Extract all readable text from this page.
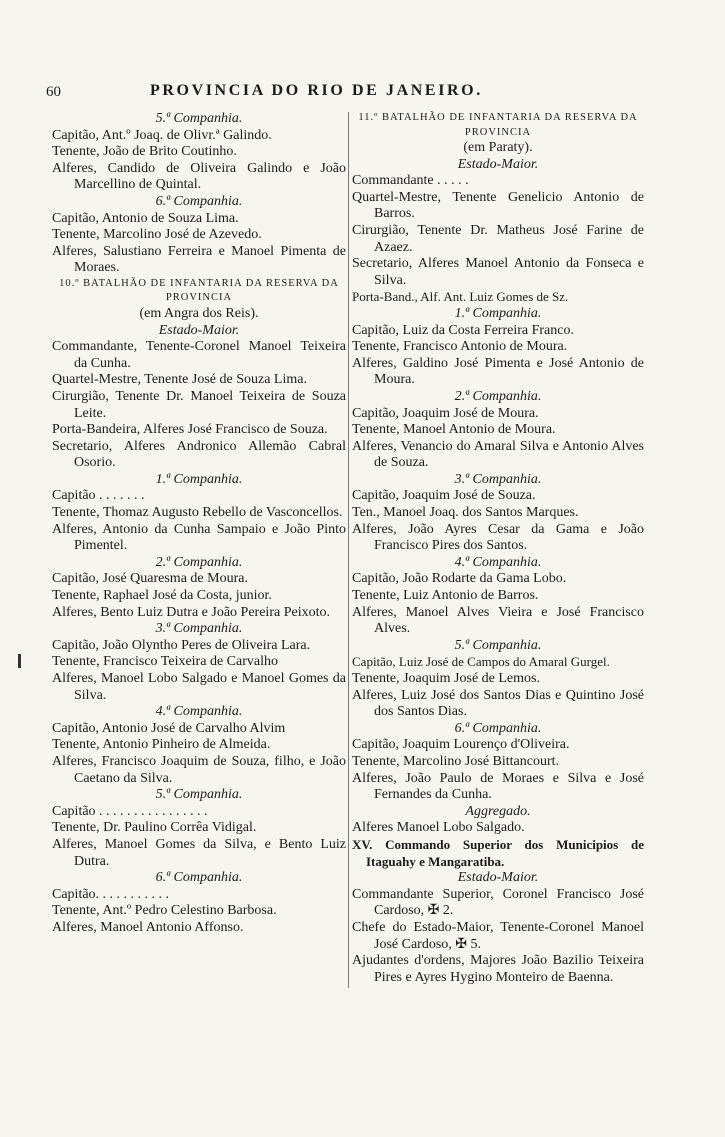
60	PROVINCIA DO RIO DE JANEIRO.
5.ª Companhia.
Capitão, Ant.º Joaq. de Olivr.ª Galindo.
Tenente, João de Brito Coutinho.
Alferes, Candido de Oliveira Galindo e João Marcellino de Quintal.
6.ª Companhia.
Capitão, Antonio de Souza Lima.
Tenente, Marcolino José de Azevedo.
Alferes, Salustiano Ferreira e Manoel Pimenta de Moraes.
10.º BATALHÃO DE INFANTARIA DA RESERVA DA PROVINCIA
(em Angra dos Reis).
Estado-Maior.
Commandante, Tenente-Coronel Manoel Teixeira da Cunha.
Quartel-Mestre, Tenente José de Souza Lima.
Cirurgião, Tenente Dr. Manoel Teixeira de Souza Leite.
Porta-Bandeira, Alferes José Francisco de Souza.
Secretario, Alferes Andronico Allemão Cabral Osorio.
1.ª Companhia.
Capitão . . . . . . .
Tenente, Thomaz Augusto Rebello de Vasconcellos.
Alferes, Antonio da Cunha Sampaio e João Pinto Pimentel.
2.ª Companhia.
Capitão, José Quaresma de Moura.
Tenente, Raphael José da Costa, junior.
Alferes, Bento Luiz Dutra e João Pereira Peixoto.
3.ª Companhia.
Capitão, João Olyntho Peres de Oliveira Lara.
Tenente, Francisco Teixeira de Carvalho
Alferes, Manoel Lobo Salgado e Manoel Gomes da Silva.
4.ª Companhia.
Capitão, Antonio José de Carvalho Alvim
Tenente, Antonio Pinheiro de Almeida.
Alferes, Francisco Joaquim de Souza, filho, e João Caetano da Silva.
5.ª Companhia.
Capitão . . . . . . . . . . . . . . . .
Tenente, Dr. Paulino Corrêa Vidigal.
Alferes, Manoel Gomes da Silva, e Bento Luiz Dutra.
6.ª Companhia.
Capitão. . . . . . . . . . .
Tenente, Ant.º Pedro Celestino Barbosa.
Alferes, Manoel Antonio Affonso.
11.º BATALHÃO DE INFANTARIA DA RESERVA DA PROVINCIA
(em Paraty).
Estado-Maior.
Commandante . . . . .
Quartel-Mestre, Tenente Genelicio Antonio de Barros.
Cirurgião, Tenente Dr. Matheus José Farine de Azaez.
Secretario, Alferes Manoel Antonio da Fonseca e Silva.
Porta-Band., Alf. Ant. Luiz Gomes de Sz.
1.ª Companhia.
Capitão, Luiz da Costa Ferreira Franco.
Tenente, Francisco Antonio de Moura.
Alferes, Galdino José Pimenta e José Antonio de Moura.
2.ª Companhia.
Capitão, Joaquim José de Moura.
Tenente, Manoel Antonio de Moura.
Alferes, Venancio do Amaral Silva e Antonio Alves de Souza.
3.ª Companhia.
Capitão, Joaquim José de Souza.
Ten., Manoel Joaq. dos Santos Marques.
Alferes, João Ayres Cesar da Gama e João Francisco Pires dos Santos.
4.ª Companhia.
Capitão, João Rodarte da Gama Lobo.
Tenente, Luiz Antonio de Barros.
Alferes, Manoel Alves Vieira e José Francisco Alves.
5.ª Companhia.
Capitão, Luiz José de Campos do Amaral Gurgel.
Tenente, Joaquim José de Lemos.
Alferes, Luiz José dos Santos Dias e Quintino José dos Santos Dias.
6.ª Companhia.
Capitão, Joaquim Lourenço d'Oliveira.
Tenente, Marcolino José Bittancourt.
Alferes, João Paulo de Moraes e Silva e José Fernandes da Cunha.
Aggregado.
Alferes Manoel Lobo Salgado.
XV. Commando Superior dos Municipios de Itaguahy e Mangaratiba.
Estado-Maior.
Commandante Superior, Coronel Francisco José Cardoso, ✠ 2.
Chefe do Estado-Maior, Tenente-Coronel Manoel José Cardoso, ✠ 5.
Ajudantes d'ordens, Majores João Bazilio Teixeira Pires e Ayres Hygino Monteiro de Baenna.
